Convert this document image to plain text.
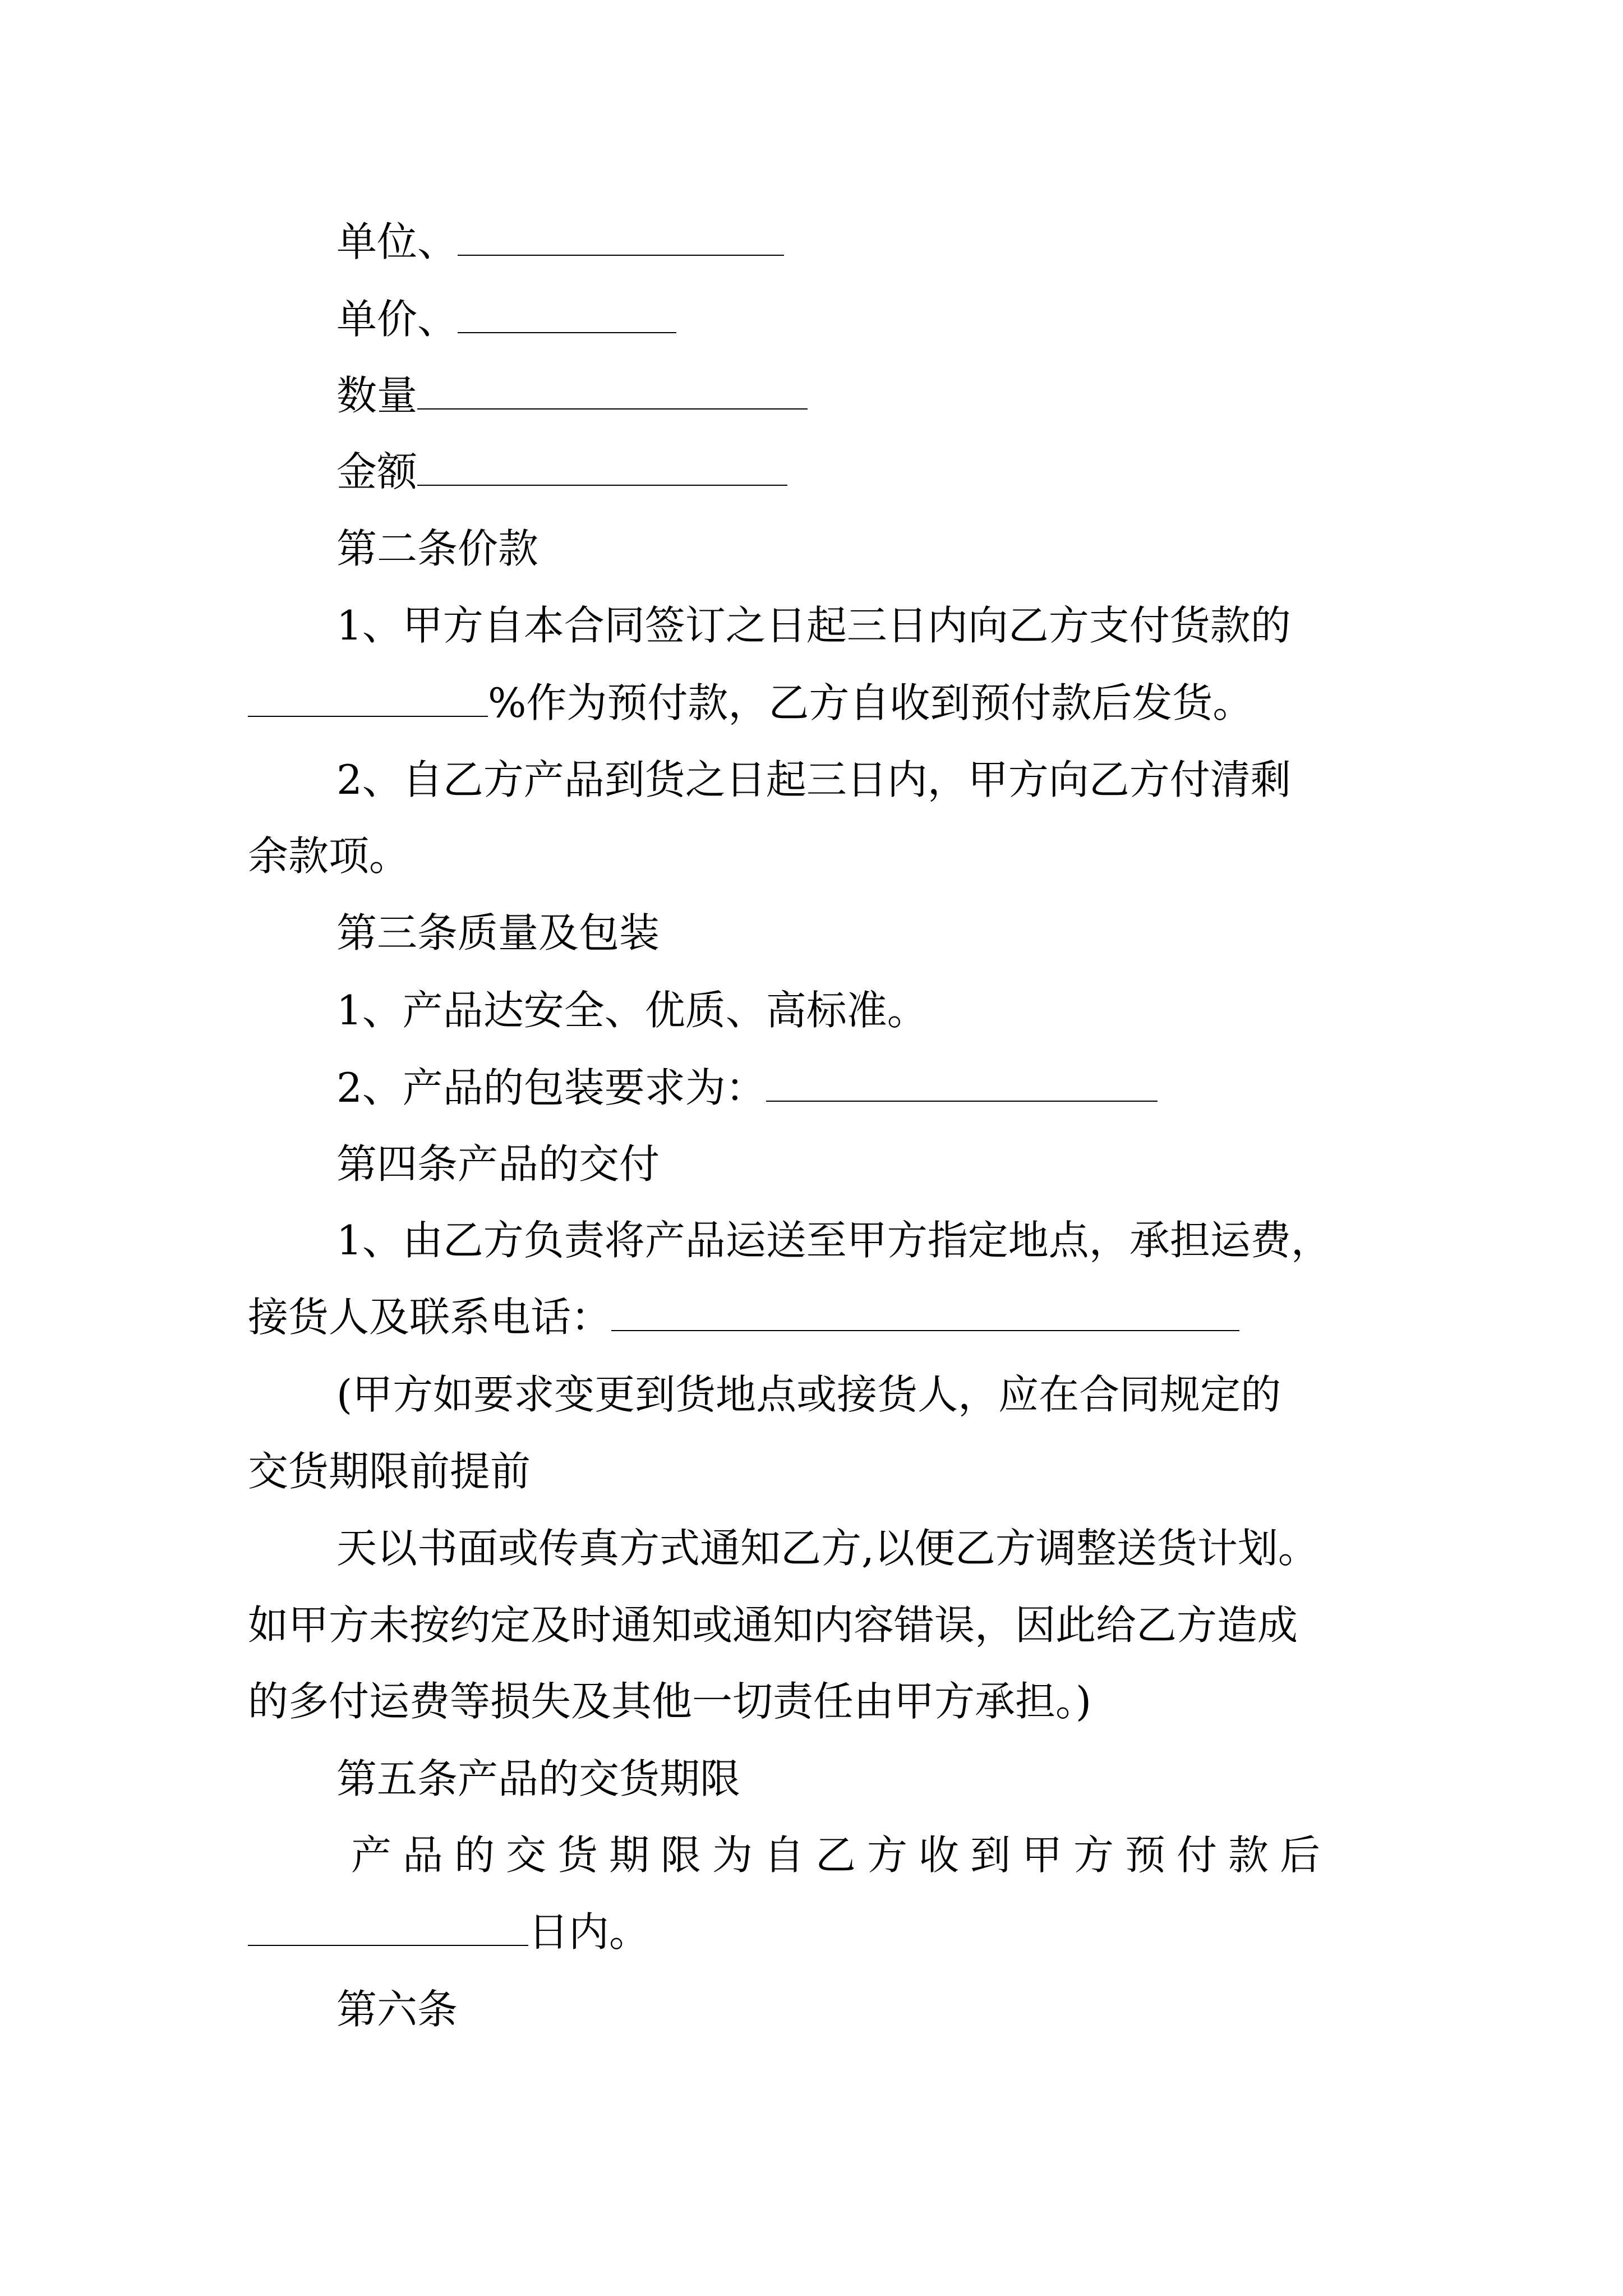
单位、
单价、
数量
金额
第二条价款
1、甲方自本合同签订之日起三日内向乙方支付货款的
%作为预付款，乙方自收到预付款后发货。
2、自乙方产品到货之日起三日内，甲方向乙方付清剩
余款项。
第三条质量及包装
1、产品达安全、优质、高标准。
2、产品的包装要求为：
第四条产品的交付
1、由乙方负责将产品运送至甲方指定地点，承担运费，
接货人及联系电话：
(甲方如要求变更到货地点或接货人，应在合同规定的
交货期限前提前
天以书面或传真方式通知乙方,以便乙方调整送货计划。
如甲方未按约定及时通知或通知内容错误，因此给乙方造成
的多付运费等损失及其他一切责任由甲方承担。)
第五条产品的交货期限
产品的交货期限为自乙方收到甲方预付款后
日内。
第六条
